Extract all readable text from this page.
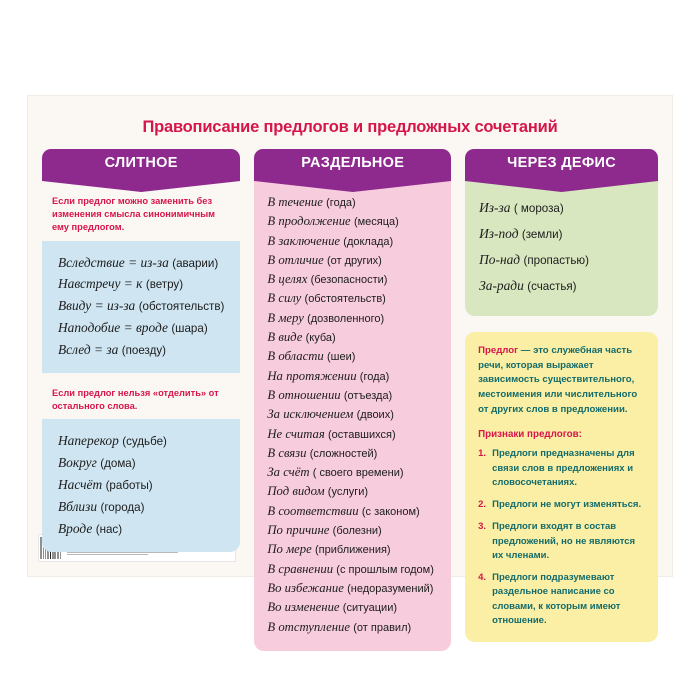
Правописание предлогов и предложных сочетаний
СЛИТНОЕ

Если предлог можно заменить без изменения смысла синонимичным ему предлогом.

Вследствие = из-за (аварии)
Навстречу = к (ветру)
Ввиду = из-за (обстоятельств)
Наподобие = вроде (шара)
Вслед = за (поезду)

Если предлог нельзя «отделить» от остального слова.

Наперекор (судьбе)
Вокруг (дома)
Насчёт (работы)
Вблизи (города)
Вроде (нас)
РАЗДЕЛЬНОЕ
В течение (года)
В продолжение (месяца)
В заключение (доклада)
В отличие (от других)
В целях (безопасности)
В силу (обстоятельств)
В меру (дозволенного)
В виде (куба)
В области (шеи)
На протяжении (года)
В отношении (отъезда)
За исключением (двоих)
Не считая (оставшихся)
В связи (сложностей)
За счёт ( своего времени)
Под видом (услуги)
В соответствии (с законом)
По причине (болезни)
По мере (приближения)
В сравнении (с прошлым годом)
Во избежание (недоразумений)
Во изменение (ситуации)
В отступление (от правил)
ЧЕРЕЗ ДЕФИС
Из-за ( мороза)
Из-под (земли)
По-над (пропастью)
За-ради (счастья)

Предлог — это служебная часть речи, которая выражает зависимость существительного, местоимения или числительного от других слов в предложении.

Признаки предлогов:

1. Предлоги предназначены для связи слов в предложениях и словосочетаниях.
2. Предлоги не могут изменяться.
3. Предлоги входят в состав предложений, но не являются их членами.
4. Предлоги подразумевают раздельное написание со словами, к которым имеют отношение.
